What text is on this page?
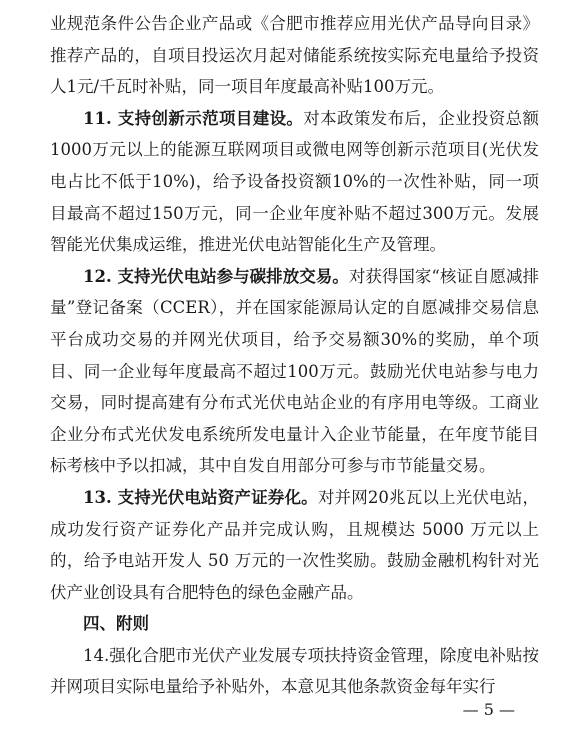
业规范条件公告企业产品或《合肥市推荐应用光伏产品导向目录》推荐产品的，自项目投运次月起对储能系统按实际充电量给予投资人1元/千瓦时补贴，同一项目年度最高补贴100万元。

11. 支持创新示范项目建设。对本政策发布后，企业投资总额1000万元以上的能源互联网项目或微电网等创新示范项目(光伏发电占比不低于10%)，给予设备投资额10%的一次性补贴，同一项目最高不超过150万元，同一企业年度补贴不超过300万元。发展智能光伏集成运维，推进光伏电站智能化生产及管理。

12. 支持光伏电站参与碳排放交易。对获得国家“核证自愿减排量”登记备案（CCER），并在国家能源局认定的自愿减排交易信息平台成功交易的并网光伏项目，给予交易额30%的奖励，单个项目、同一企业每年度最高不超过100万元。鼓励光伏电站参与电力交易，同时提高建有分布式光伏电站企业的有序用电等级。工商业企业分布式光伏发电系统所发电量计入企业节能量，在年度节能目标考核中予以扣减，其中自发自用部分可参与市节能量交易。

13. 支持光伏电站资产证券化。对并网20兆瓦以上光伏电站，成功发行资产证券化产品并完成认购，且规模达 5000 万元以上的，给予电站开发人 50 万元的一次性奖励。鼓励金融机构针对光伏产业创设具有合肥特色的绿色金融产品。

四、附则

14.强化合肥市光伏产业发展专项扶持资金管理，除度电补贴按并网项目实际电量给予补贴外，本意见其他条款资金每年实行

— 5 —
